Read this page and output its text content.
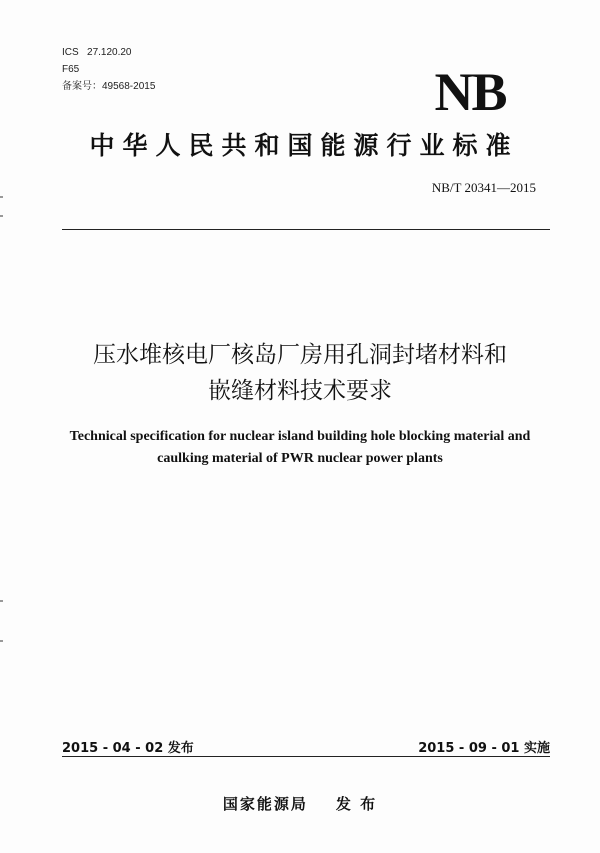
ICS   27.120.20
F65
备案号：49568-2015	NB
中华人民共和国能源行业标准
NB/T 20341—2015
压水堆核电厂核岛厂房用孔洞封堵材料和
嵌缝材料技术要求
Technical specification for nuclear island building hole blocking material and
caulking material of PWR nuclear power plants
2015 - 04 - 02 发布	2015 - 09 - 01 实施
国家能源局 发 布
